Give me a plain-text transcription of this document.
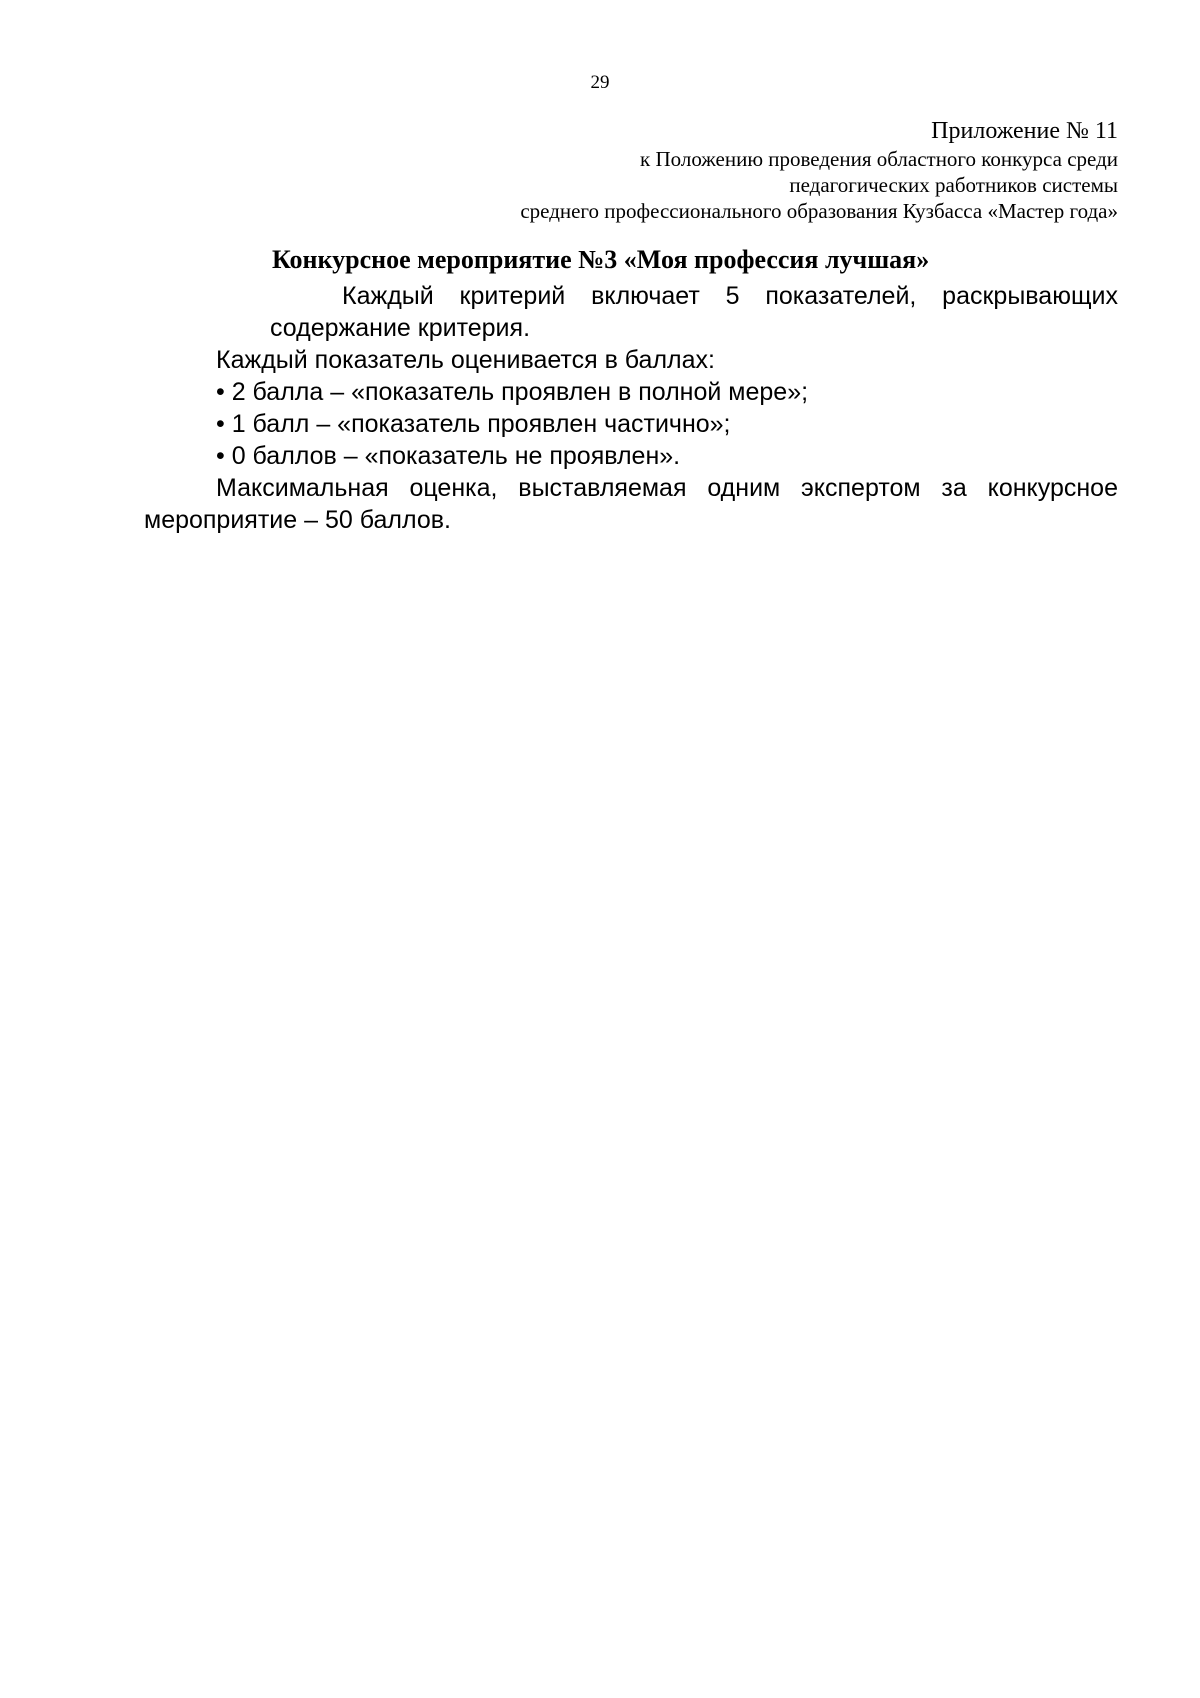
29
Приложение № 11
к Положению проведения областного конкурса среди
педагогических работников системы
среднего профессионального образования Кузбасса «Мастер года»
Конкурсное мероприятие №3 «Моя профессия лучшая»

Каждый критерий включает 5 показателей, раскрывающих содержание критерия.

Каждый показатель оценивается в баллах:

• 2 балла – «показатель проявлен в полной мере»;
• 1 балл – «показатель проявлен частично»;
• 0 баллов – «показатель не проявлен».

Максимальная оценка, выставляемая одним экспертом за конкурсное мероприятие – 50 баллов.
